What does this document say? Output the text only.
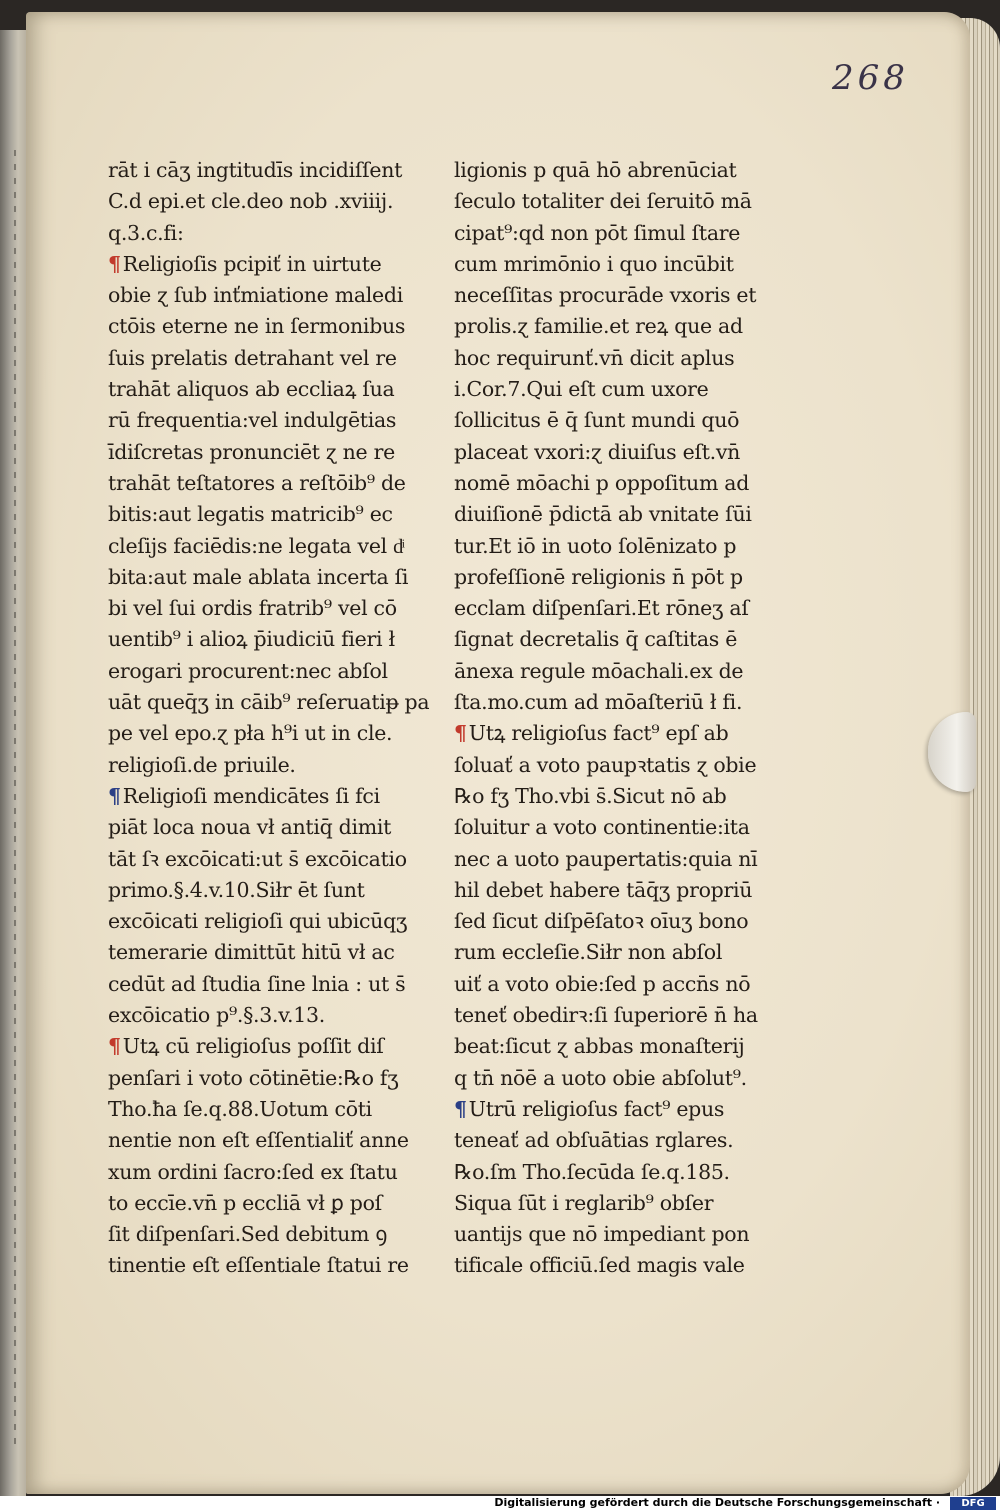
268
rāt i cāʒ ingtitudīs incidiſſent
C.d epi.et cle.deo nob .xviiij.
q.3.c.fi:
¶Religioſis pcipiť in uirtute
obie ɀ ſub inťmiatione maledi
ctōis eterne ne in ſermonibus
ſuis prelatis detrahant vel re
trahāt aliquos ab eccliaꝝ ſua
rū frequentia:vel indulgētias
īdiſcretas pronunciēt ɀ ne re
trahāt teſtatores a reſtōib⁹ de
bitis:aut legatis matricib⁹ ec
cleſijs faciēdis:ne legata vel dͥ
bita:aut male ablata incerta ſi
bi vel ſui ordis fratrib⁹ vel cō
uentib⁹ i alioꝝ p̄iudiciū fieri ł
erogari procurent:nec abſol
uāt queq̄ʒ in cāib⁹ reſeruatiᵽ pa
pe vel epo.ɀ pła h⁹i ut in cle.
religioſi.de priuile.
¶Religioſi mendicātes ſi fci
piāt loca noua vł antiq̄ dimit
tāt ſꝛ excōicati:ut s̄ excōicatio
primo.§.4.v.10.Siłr ēt ſunt
excōicati religioſi qui ubicūqʒ
temerarie dimittūt hitū vł ac
cedūt ad ſtudia ſine lnia : ut s̄
excōicatio p⁹.§.3.v.13.
¶Utꝝ cū religioſus poſſit diſ
penſari i voto cōtinētie:℞o fʒ
Tho.ħa ſe.q.88.Uotum cōti
nentie non eſt eſſentialiť anne
xum ordini ſacro:ſed ex ſtatu
to eccīe.vn̄ p eccliā vł ꝑ poſ
ſit diſpenſari.Sed debitum ꝯ
tinentie eſt eſſentiale ſtatui re
ligionis p quā hō abrenūciat
ſeculo totaliter dei ſeruitō mā
cipat⁹:qd non pōt ſimul ſtare
cum mrimōnio i quo incūbit
neceſſitas procurāde vxoris et
prolis.ɀ familie.et reꝝ que ad
hoc requirunť.vn̄ dicit aplus
i.Cor.7.Qui eſt cum uxore
ſollicitus ē q̄ ſunt mundi quō
placeat vxori:ɀ diuiſus eſt.vn̄
nomē mōachi p oppoſitum ad
diuiſionē p̄dictā ab vnitate ſūi
tur.Et iō in uoto ſolēnizato p
profeſſionē religionis n̄ pōt p
ecclam diſpenſari.Et rōneʒ aſ
ſignat decretalis q̄ caſtitas ē
ānexa regule mōachali.ex de
ſta.mo.cum ad mōaſteriū ł fi.
¶Utꝝ religioſus fact⁹ epſ ab
ſoluať a voto paupꝛtatis ɀ obie
℞o fʒ Tho.vbi s̄.Sicut nō ab
ſoluitur a voto continentie:ita
nec a uoto paupertatis:quia nī
hil debet habere tāq̄ʒ propriū
ſed ſicut diſpēſatoꝛ oīuʒ bono
rum eccleſie.Siłr non abſol
uiť a voto obie:ſed p accn̄s nō
teneť obedirꝛ:ſi ſuperiorē n̄ ha
beat:ſicut ɀ abbas monaſterij
q tn̄ nōē a uoto obie abſolut⁹.
¶Utrū religioſus fact⁹ epus
teneať ad obſuātias rglares.
℞o.ſm Tho.ſecūda ſe.q.185.
Siqua ſūt i reglarib⁹ obſer
uantijs que nō impediant pon
tificale officiū.ſed magis vale
Digitalisierung gefördert durch die Deutsche Forschungsgemeinschaft ·	DFG
